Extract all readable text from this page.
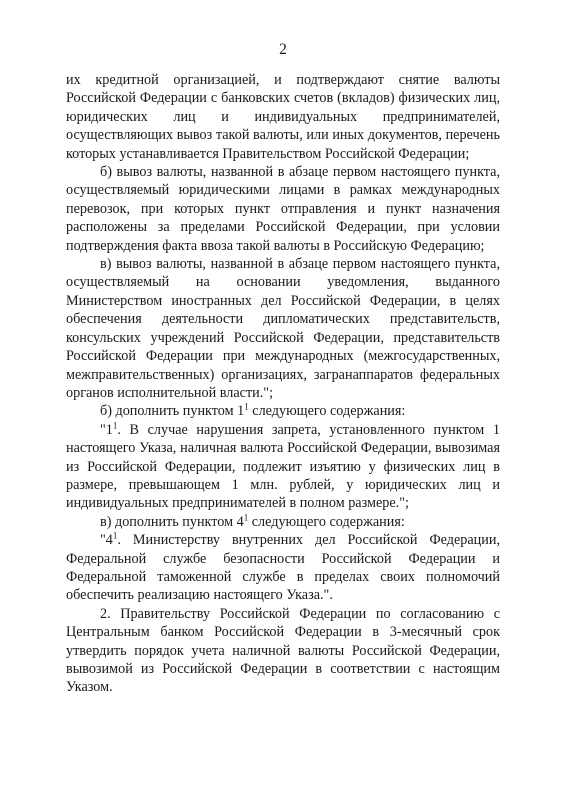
2

их кредитной организацией, и подтверждают снятие валюты Российской Федерации с банковских счетов (вкладов) физических лиц, юридических лиц и индивидуальных предпринимателей, осуществляющих вывоз такой валюты, или иных документов, перечень которых устанавливается Правительством Российской Федерации;

б) вывоз валюты, названной в абзаце первом настоящего пункта, осуществляемый юридическими лицами в рамках международных перевозок, при которых пункт отправления и пункт назначения расположены за пределами Российской Федерации, при условии подтверждения факта ввоза такой валюты в Российскую Федерацию;

в) вывоз валюты, названной в абзаце первом настоящего пункта, осуществляемый на основании уведомления, выданного Министерством иностранных дел Российской Федерации, в целях обеспечения деятельности дипломатических представительств, консульских учреждений Российской Федерации, представительств Российской Федерации при международных (межгосударственных, межправительственных) организациях, загранаппаратов федеральных органов исполнительной власти.";

б) дополнить пунктом $1^1$ следующего содержания:

"$1^1$. В случае нарушения запрета, установленного пунктом 1 настоящего Указа, наличная валюта Российской Федерации, вывозимая из Российской Федерации, подлежит изъятию у физических лиц в размере, превышающем 1 млн. рублей, у юридических лиц и индивидуальных предпринимателей в полном размере.";

в) дополнить пунктом $4^1$ следующего содержания:

"$4^1$. Министерству внутренних дел Российской Федерации, Федеральной службе безопасности Российской Федерации и Федеральной таможенной службе в пределах своих полномочий обеспечить реализацию настоящего Указа.".

2. Правительству Российской Федерации по согласованию с Центральным банком Российской Федерации в 3-месячный срок утвердить порядок учета наличной валюты Российской Федерации, вывозимой из Российской Федерации в соответствии с настоящим Указом.
